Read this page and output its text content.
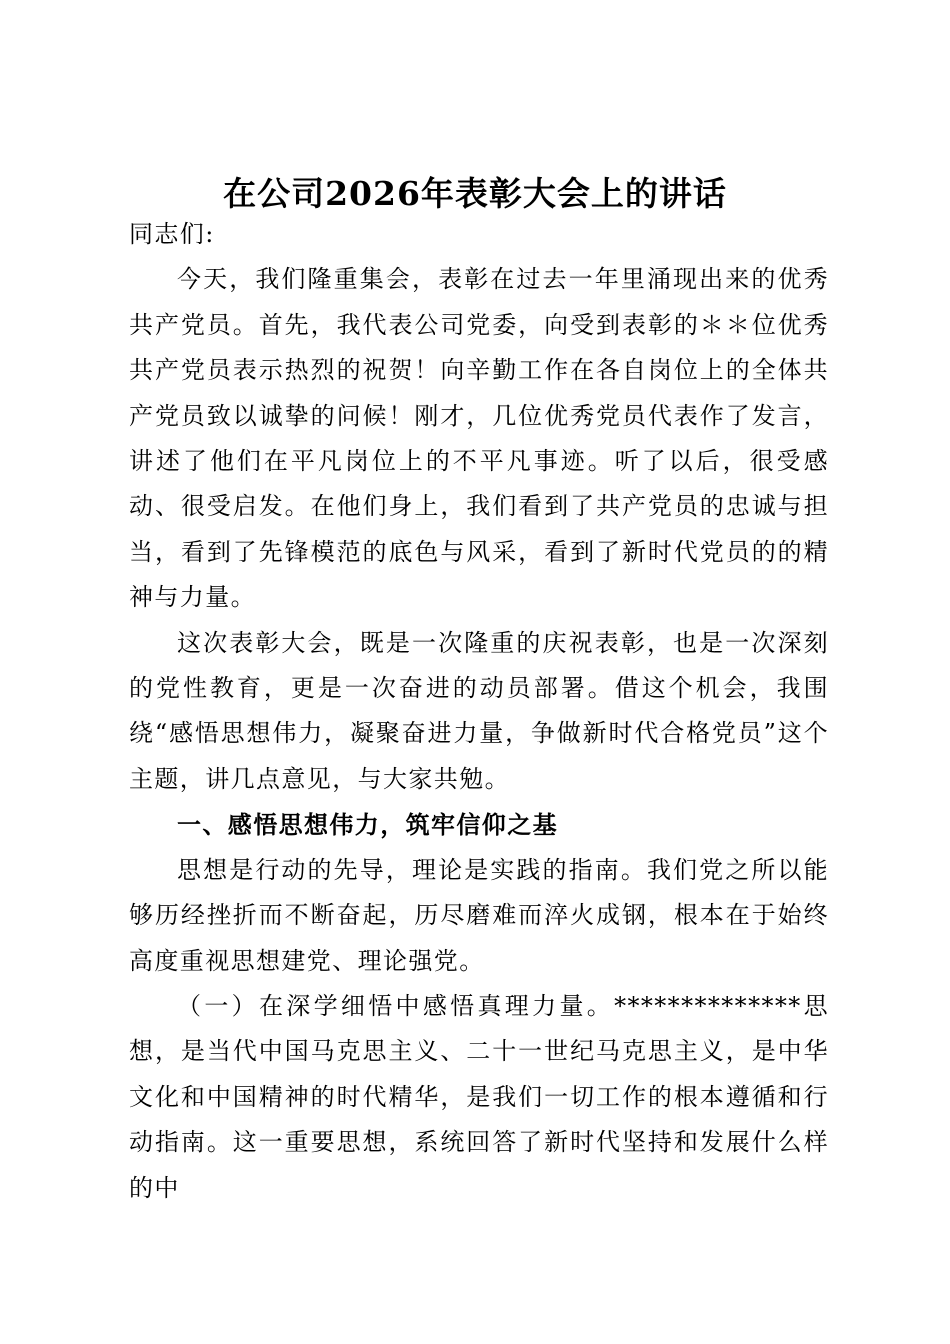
在公司2026年表彰大会上的讲话

同志们:

今天，我们隆重集会，表彰在过去一年里涌现出来的优秀共产党员。首先，我代表公司党委，向受到表彰的＊＊位优秀共产党员表示热烈的祝贺！向辛勤工作在各自岗位上的全体共产党员致以诚挚的问候！刚才，几位优秀党员代表作了发言，讲述了他们在平凡岗位上的不平凡事迹。听了以后，很受感动、很受启发。在他们身上，我们看到了共产党员的忠诚与担当，看到了先锋模范的底色与风采，看到了新时代党员的的精神与力量。

这次表彰大会，既是一次隆重的庆祝表彰，也是一次深刻的党性教育，更是一次奋进的动员部署。借这个机会，我围绕“感悟思想伟力，凝聚奋进力量，争做新时代合格党员”这个主题，讲几点意见，与大家共勉。

一、感悟思想伟力，筑牢信仰之基

思想是行动的先导，理论是实践的指南。我们党之所以能够历经挫折而不断奋起，历尽磨难而淬火成钢，根本在于始终高度重视思想建党、理论强党。

（一）在深学细悟中感悟真理力量。**************思想，是当代中国马克思主义、二十一世纪马克思主义，是中华文化和中国精神的时代精华，是我们一切工作的根本遵循和行动指南。这一重要思想，系统回答了新时代坚持和发展什么样的中
